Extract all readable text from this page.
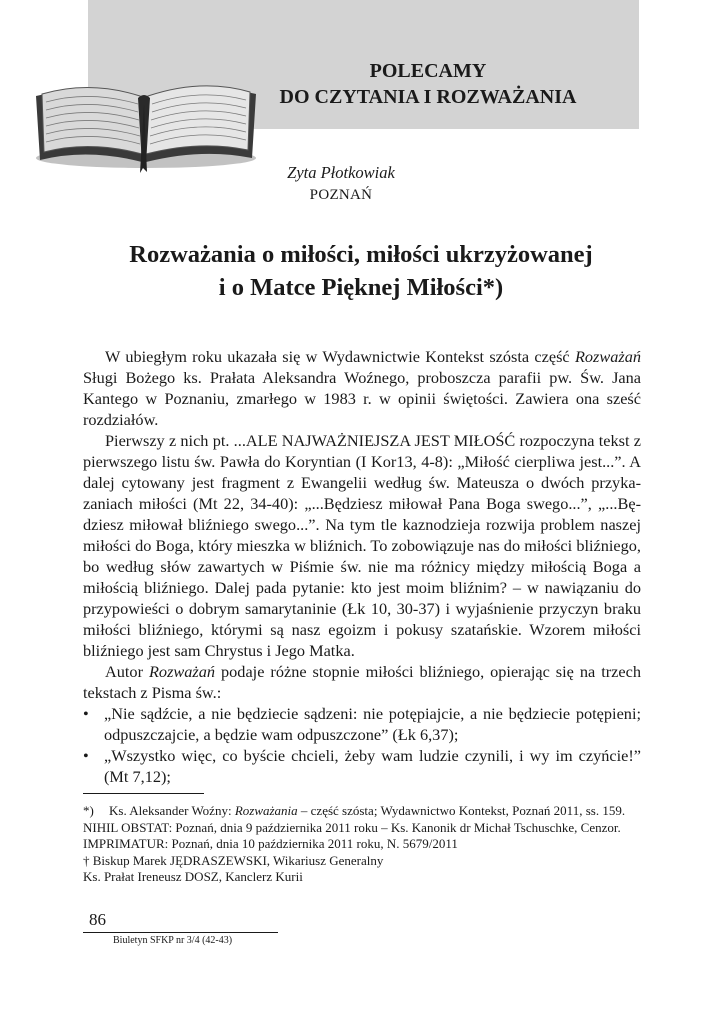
POLECAMY
DO CZYTANIA I ROZWAŻANIA
Zyta Płotkowiak
POZNAŃ
Rozważania o miłości, miłości ukrzyżowanej
i o Matce Pięknej Miłości*)

W ubiegłym roku ukazała się w Wydawnictwie Kontekst szósta część Rozważań Sługi Bożego ks. Prałata Aleksandra Woźnego, proboszcza parafii pw. Św. Jana Kantego w Poznaniu, zmarłego w 1983 r. w opinii świętości. Zawiera ona sześć rozdziałów.

Pierwszy z nich pt. ...ALE NAJWAŻNIEJSZA JEST MIŁOŚĆ rozpoczyna tekst z pierwszego listu św. Pawła do Koryntian (I Kor13, 4-8): „Miłość cierpliwa jest...”. A dalej cytowany jest fragment z Ewangelii według św. Mateusza o dwóch przykazaniach miłości (Mt 22, 34-40): „...Będziesz miłował Pana Boga swego...”, „...Będziesz miłował bliźniego swego...”. Na tym tle kaznodzieja rozwija problem naszej miłości do Boga, który mieszka w bliźnich. To zobowiązuje nas do miłości bliźniego, bo według słów zawartych w Piśmie św. nie ma różnicy między miłością Boga a miłością bliźniego. Dalej pada pytanie: kto jest moim bliźnim? – w nawiązaniu do przypowieści o dobrym samarytaninie (Łk 10, 30-37) i wyjaśnienie przyczyn braku miłości bliźniego, którymi są nasz egoizm i pokusy szatańskie. Wzorem miłości bliźniego jest sam Chrystus i Jego Matka.

Autor Rozważań podaje różne stopnie miłości bliźniego, opierając się na trzech tekstach z Pisma św.:

• „Nie sądźcie, a nie będziecie sądzeni: nie potępiajcie, a nie będziecie potępieni; odpuszczajcie, a będzie wam odpuszczone” (Łk 6,37);
• „Wszystko więc, co byście chcieli, żeby wam ludzie czynili, i wy im czyńcie!” (Mt 7,12);
*) Ks. Aleksander Woźny: Rozważania – część szósta; Wydawnictwo Kontekst, Poznań 2011, ss. 159.
NIHIL OBSTAT: Poznań, dnia 9 października 2011 roku – Ks. Kanonik dr Michał Tschuschke, Cenzor.
IMPRIMATUR: Poznań, dnia 10 października 2011 roku, N. 5679/2011
† Biskup Marek JĘDRASZEWSKI, Wikariusz Generalny
Ks. Prałat Ireneusz DOSZ, Kanclerz Kurii
86
Biuletyn SFKP nr 3/4 (42-43)
